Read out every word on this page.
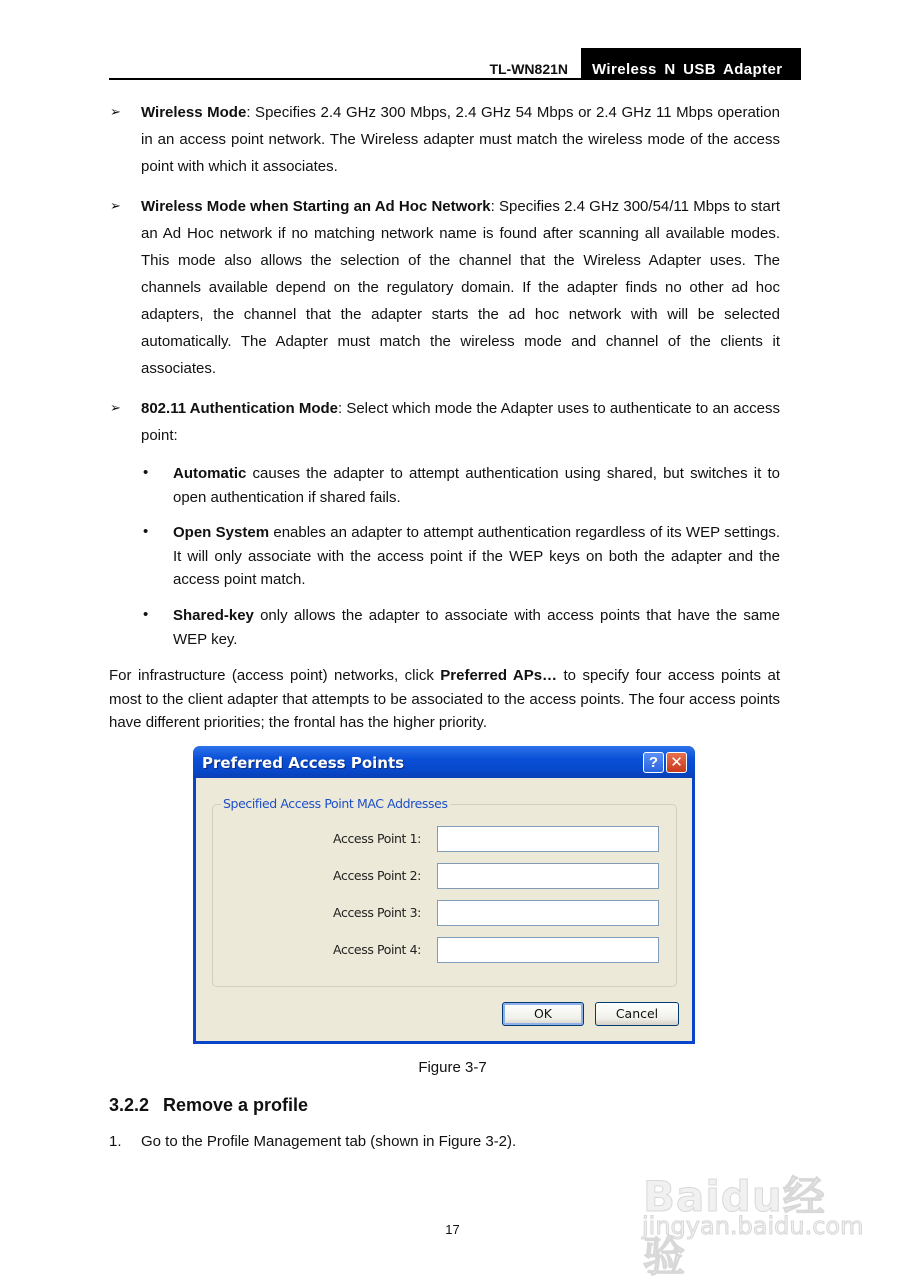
TL-WN821N	Wireless N USB Adapter
➢ Wireless Mode: Specifies 2.4 GHz 300 Mbps, 2.4 GHz 54 Mbps or 2.4 GHz 11 Mbps operation in an access point network. The Wireless adapter must match the wireless mode of the access point with which it associates.
➢ Wireless Mode when Starting an Ad Hoc Network: Specifies 2.4 GHz 300/54/11 Mbps to start an Ad Hoc network if no matching network name is found after scanning all available modes. This mode also allows the selection of the channel that the Wireless Adapter uses. The channels available depend on the regulatory domain. If the adapter finds no other ad hoc adapters, the channel that the adapter starts the ad hoc network with will be selected automatically. The Adapter must match the wireless mode and channel of the clients it associates.
➢ 802.11 Authentication Mode: Select which mode the Adapter uses to authenticate to an access point:
• Automatic causes the adapter to attempt authentication using shared, but switches it to open authentication if shared fails.
• Open System enables an adapter to attempt authentication regardless of its WEP settings. It will only associate with the access point if the WEP keys on both the adapter and the access point match.
• Shared-key only allows the adapter to associate with access points that have the same WEP key.
For infrastructure (access point) networks, click Preferred APs… to specify four access points at most to the client adapter that attempts to be associated to the access points. The four access points have different priorities; the frontal has the higher priority.
Preferred Access Points	? ✕
Specified Access Point MAC Addresses
Access Point 1:
Access Point 2:
Access Point 3:
Access Point 4:
OK	Cancel
Figure 3-7
3.2.2 Remove a profile
1. Go to the Profile Management tab (shown in Figure 3-2).
Baidu经验
jingyan.baidu.com
17
